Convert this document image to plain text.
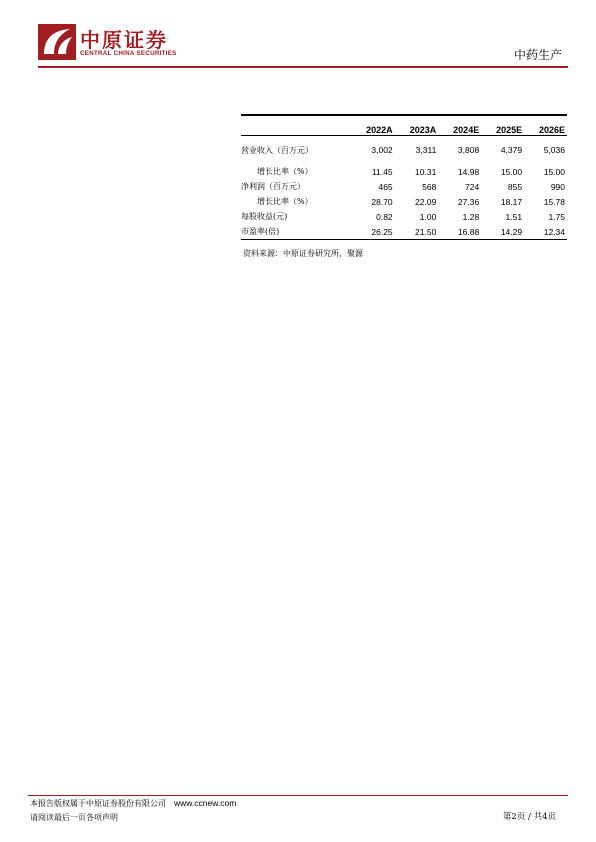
中原证券
CENTRAL CHINA SECURITIES	中药生产
	2022A	2023A	2024E	2025E	2026E
营业收入（百万元）	3,002	3,311	3,808	4,379	5,036
增长比率（%）	11.45	10.31	14.98	15.00	15.00
净利润（百万元）	465	568	724	855	990
增长比率（%）	28.70	22.09	27.36	18.17	15.78
每股收益(元)	0.82	1.00	1.28	1.51	1.75
市盈率(倍)	26.25	21.50	16.88	14.29	12.34
资料来源：中原证券研究所，聚源
本报告版权属于中原证券股份有限公司 www.ccnew.com
请阅读最后一页各项声明	第2页 / 共4页
